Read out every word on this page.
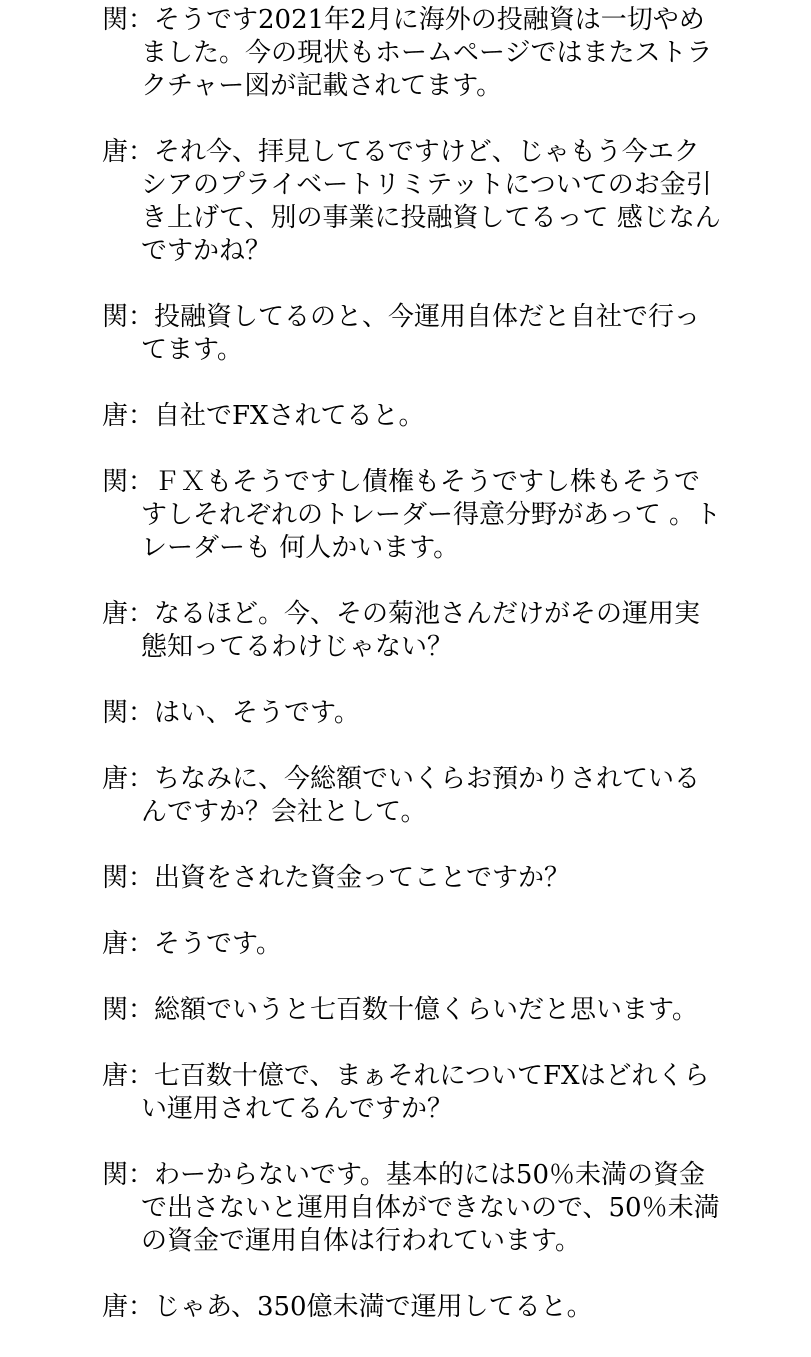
関：そうです2021年2月に海外の投融資は一切やめ
ました。今の現状もホームページではまたストラ
クチャー図が記載されてます。
唐：それ今、拝見してるですけど、じゃもう今エク
シアのプライベートリミテットについてのお金引
き上げて、別の事業に投融資してるって 感じなん
ですかね？
関：投融資してるのと、今運用自体だと自社で行っ
てます。
唐：自社でFXされてると。
関：ＦＸもそうですし債権もそうですし株もそうで
すしそれぞれのトレーダー得意分野があって 。ト
レーダーも 何人かいます。
唐：なるほど。今、その菊池さんだけがその運用実
態知ってるわけじゃない？
関：はい、そうです。
唐：ちなみに、今総額でいくらお預かりされている
んですか？会社として。
関：出資をされた資金ってことですか？
唐：そうです。
関：総額でいうと七百数十億くらいだと思います。
唐：七百数十億で、まぁそれについてFXはどれくら
い運用されてるんですか？
関：わーからないです。基本的には50％未満の資金
で出さないと運用自体ができないので、50％未満
の資金で運用自体は行われています。
唐：じゃあ、350億未満で運用してると。
